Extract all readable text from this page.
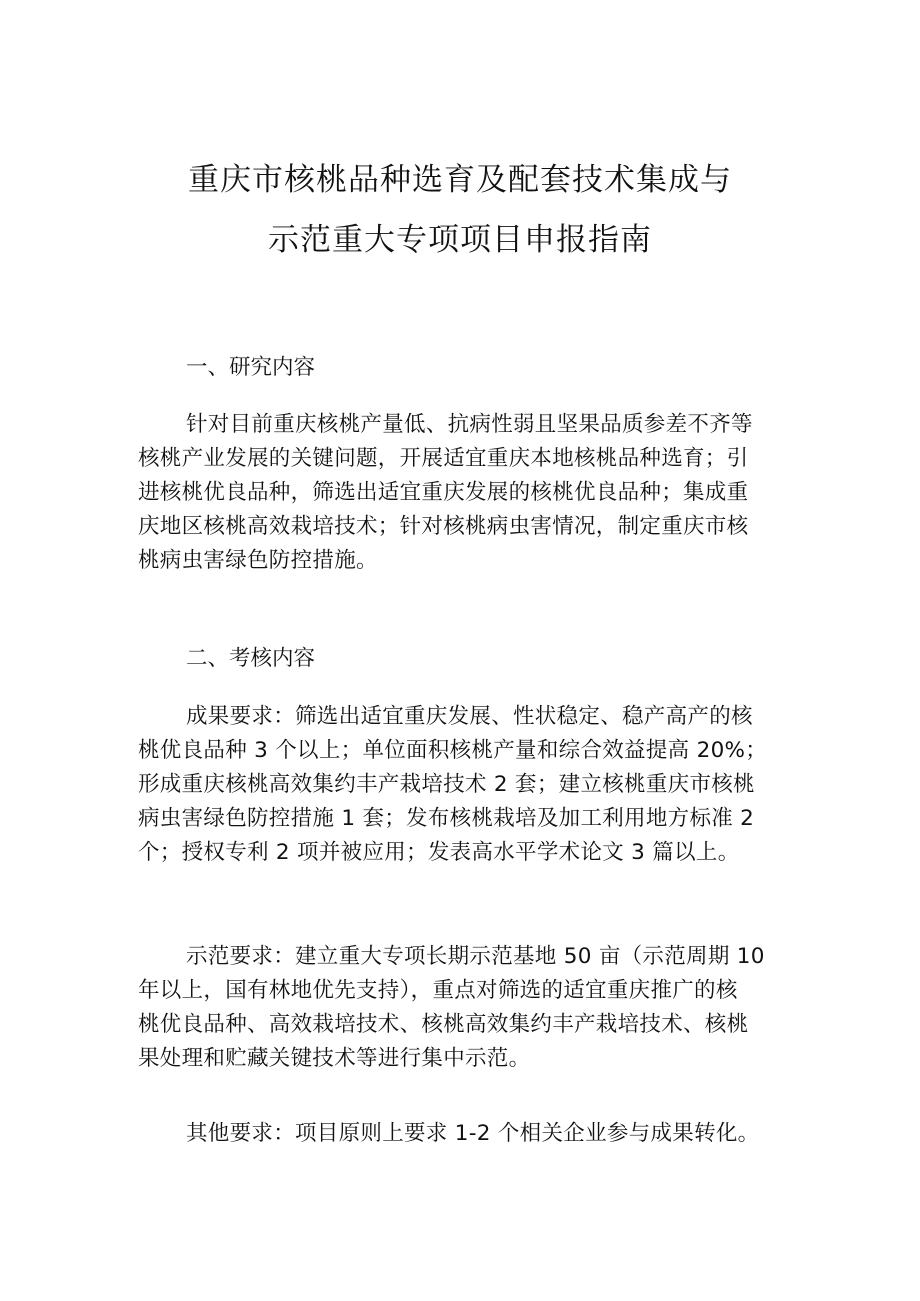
重庆市核桃品种选育及配套技术集成与
示范重大专项项目申报指南
一、研究内容
针对目前重庆核桃产量低、抗病性弱且坚果品质参差不齐等
核桃产业发展的关键问题，开展适宜重庆本地核桃品种选育；引
进核桃优良品种，筛选出适宜重庆发展的核桃优良品种；集成重
庆地区核桃高效栽培技术；针对核桃病虫害情况，制定重庆市核
桃病虫害绿色防控措施。
二、考核内容
成果要求：筛选出适宜重庆发展、性状稳定、稳产高产的核
桃优良品种 3 个以上；单位面积核桃产量和综合效益提高 20%；
形成重庆核桃高效集约丰产栽培技术 2 套；建立核桃重庆市核桃
病虫害绿色防控措施 1 套；发布核桃栽培及加工利用地方标准 2
个；授权专利 2 项并被应用；发表高水平学术论文 3 篇以上。
示范要求：建立重大专项长期示范基地 50 亩（示范周期 10
年以上，国有林地优先支持），重点对筛选的适宜重庆推广的核
桃优良品种、高效栽培技术、核桃高效集约丰产栽培技术、核桃
果处理和贮藏关键技术等进行集中示范。
其他要求：项目原则上要求 1-2 个相关企业参与成果转化。
